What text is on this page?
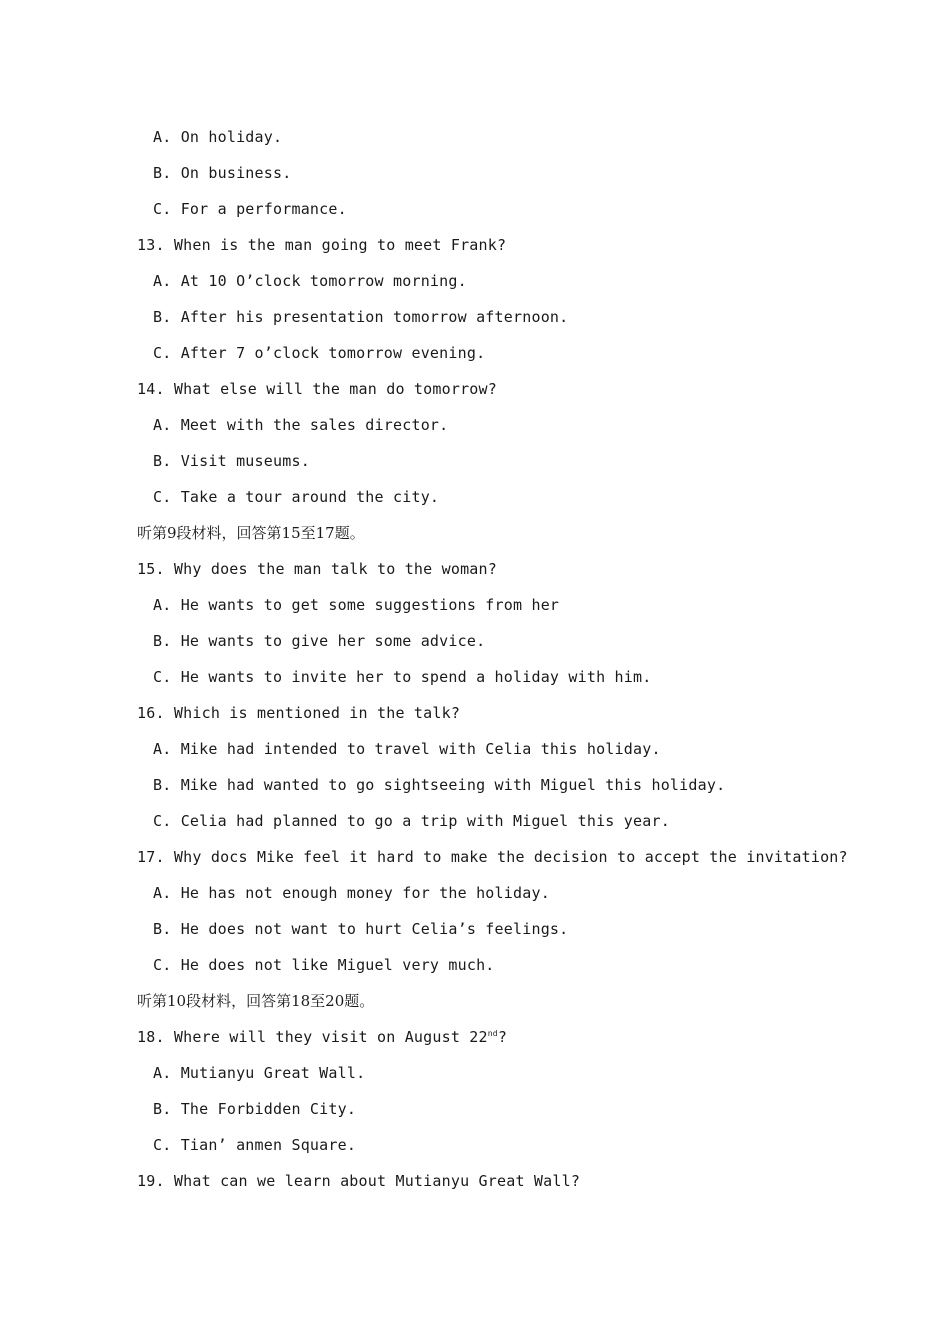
A. On holiday.
B. On business.
C. For a performance.
13. When is the man going to meet Frank?
A. At 10 O’clock tomorrow morning.
B. After his presentation tomorrow afternoon.
C. After 7 o’clock tomorrow evening.
14. What else will the man do tomorrow?
A. Meet with the sales director.
B. Visit museums.
C. Take a tour around the city.
听第9段材料，回答第15至17题。
15. Why does the man talk to the woman?
A. He wants to get some suggestions from her
B. He wants to give her some advice.
C. He wants to invite her to spend a holiday with him.
16. Which is mentioned in the talk?
A. Mike had intended to travel with Celia this holiday.
B. Mike had wanted to go sightseeing with Miguel this holiday.
C. Celia had planned to go a trip with Miguel this year.
17. Why docs Mike feel it hard to make the decision to accept the invitation?
A. He has not enough money for the holiday.
B. He does not want to hurt Celia’s feelings.
C. He does not like Miguel very much.
听第10段材料，回答第18至20题。
18. Where will they visit on August 22nd?
A. Mutianyu Great Wall.
B. The Forbidden City.
C. Tian’ anmen Square.
19. What can we learn about Mutianyu Great Wall?
